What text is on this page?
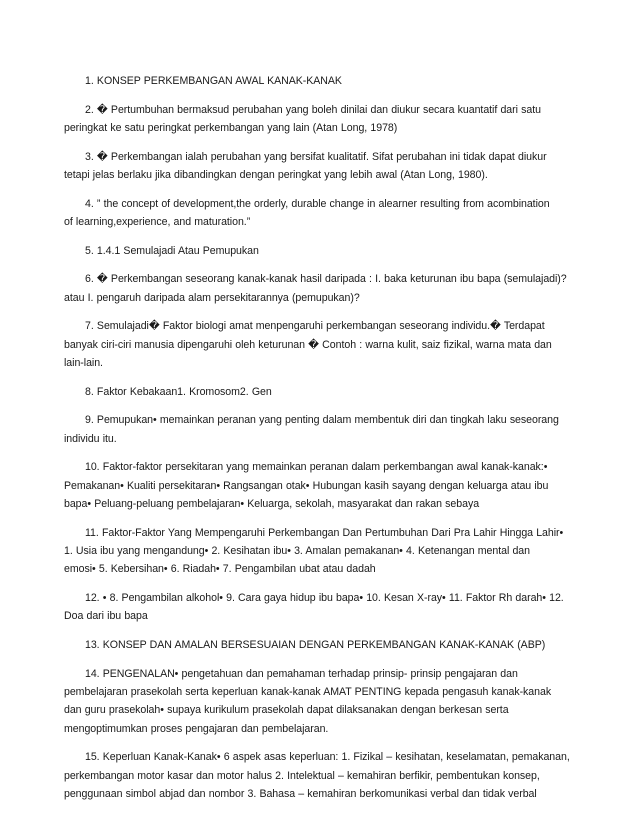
1. KONSEP PERKEMBANGAN AWAL KANAK-KANAK

2. � Pertumbuhan bermaksud perubahan yang boleh dinilai dan diukur secara kuantatif dari satu
peringkat ke satu peringkat perkembangan yang lain (Atan Long, 1978)

3. � Perkembangan ialah perubahan yang bersifat kualitatif. Sifat perubahan ini tidak dapat diukur
tetapi jelas berlaku jika dibandingkan dengan peringkat yang lebih awal (Atan Long, 1980).

4. ” the concept of development,the orderly, durable change in alearner resulting from acombination
of learning,experience, and maturation.”

5. 1.4.1 Semulajadi Atau Pemupukan

6. � Perkembangan seseorang kanak-kanak hasil daripada : I. baka keturunan ibu bapa (semulajadi)?
atau I. pengaruh daripada alam persekitarannya (pemupukan)?

7. Semulajadi� Faktor biologi amat menpengaruhi perkembangan seseorang individu.� Terdapat
banyak ciri-ciri manusia dipengaruhi oleh keturunan � Contoh : warna kulit, saiz fizikal, warna mata dan
lain-lain.

8. Faktor Kebakaan1. Kromosom2. Gen

9. Pemupukan• memainkan peranan yang penting dalam membentuk diri dan tingkah laku seseorang
individu itu.

10. Faktor-faktor persekitaran yang memainkan peranan dalam perkembangan awal kanak-kanak:•
Pemakanan• Kualiti persekitaran• Rangsangan otak• Hubungan kasih sayang dengan keluarga atau ibu
bapa• Peluang-peluang pembelajaran• Keluarga, sekolah, masyarakat dan rakan sebaya

11. Faktor-Faktor Yang Mempengaruhi Perkembangan Dan Pertumbuhan Dari Pra Lahir Hingga Lahir•
1. Usia ibu yang mengandung• 2. Kesihatan ibu• 3. Amalan pemakanan• 4. Ketenangan mental dan
emosi• 5. Kebersihan• 6. Riadah• 7. Pengambilan ubat atau dadah

12. • 8. Pengambilan alkohol• 9. Cara gaya hidup ibu bapa• 10. Kesan X-ray• 11. Faktor Rh darah• 12.
Doa dari ibu bapa

13. KONSEP DAN AMALAN BERSESUAIAN DENGAN PERKEMBANGAN KANAK-KANAK (ABP)

14. PENGENALAN• pengetahuan dan pemahaman terhadap prinsip- prinsip pengajaran dan
pembelajaran prasekolah serta keperluan kanak-kanak AMAT PENTING kepada pengasuh kanak-kanak
dan guru prasekolah• supaya kurikulum prasekolah dapat dilaksanakan dengan berkesan serta
mengoptimumkan proses pengajaran dan pembelajaran.

15. Keperluan Kanak-Kanak• 6 aspek asas keperluan: 1. Fizikal – kesihatan, keselamatan, pemakanan,
perkembangan motor kasar dan motor halus 2. Intelektual – kemahiran berfikir, pembentukan konsep,
penggunaan simbol abjad dan nombor 3. Bahasa – kemahiran berkomunikasi verbal dan tidak verbal
